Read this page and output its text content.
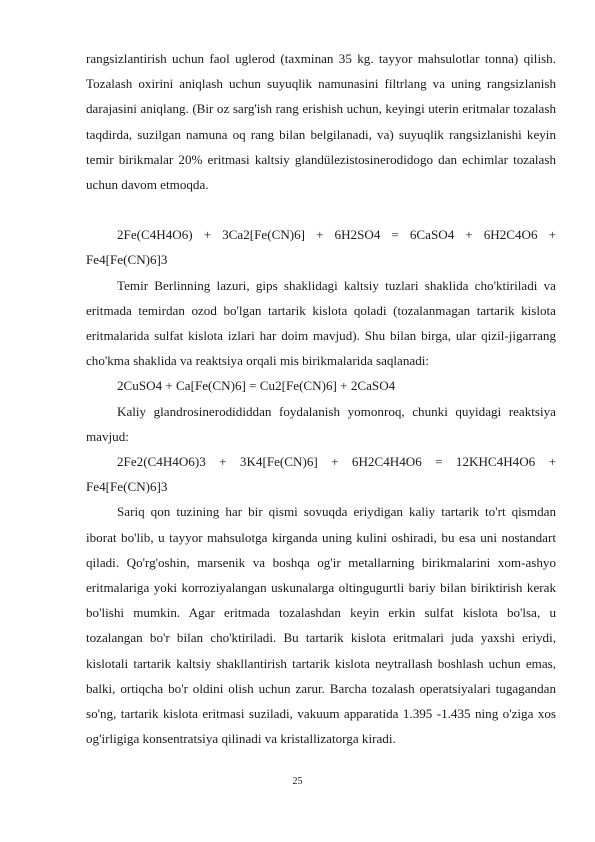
rangsizlantirish uchun faol uglerod (taxminan 35 kg. tayyor mahsulotlar tonna) qilish. Tozalash oxirini aniqlash uchun suyuqlik namunasini filtrlang va uning rangsizlanish darajasini aniqlang. (Bir oz sarg'ish rang erishish uchun, keyingi uterin eritmalar tozalash taqdirda, suzilgan namuna oq rang bilan belgilanadi, va) suyuqlik rangsizlanishi keyin temir birikmalar 20% eritmasi kaltsiy glandülezistosinerodidogo dan echimlar tozalash uchun davom etmoqda.

2Fe(C4H4O6) + 3Ca2[Fe(CN)6] + 6H2SO4 = 6CaSO4 + 6H2C4O6 + Fe4[Fe(CN)6]3

Temir Berlinning lazuri, gips shaklidagi kaltsiy tuzlari shaklida cho'ktiriladi va eritmada temirdan ozod bo'lgan tartarik kislota qoladi (tozalanmagan tartarik kislota eritmalarida sulfat kislota izlari har doim mavjud). Shu bilan birga, ular qizil-jigarrang cho'kma shaklida va reaktsiya orqali mis birikmalarida saqlanadi:

2CuSO4 + Ca[Fe(CN)6] = Cu2[Fe(CN)6] + 2CaSO4

Kaliy glandrosinerodididdan foydalanish yomonroq, chunki quyidagi reaktsiya mavjud:

2Fe2(C4H4O6)3 + 3K4[Fe(CN)6] + 6H2C4H4O6 = 12KHC4H4O6 + Fe4[Fe(CN)6]3

Sariq qon tuzining har bir qismi sovuqda eriydigan kaliy tartarik to'rt qismdan iborat bo'lib, u tayyor mahsulotga kirganda uning kulini oshiradi, bu esa uni nostandart qiladi. Qo'rg'oshin, marsenik va boshqa og'ir metallarning birikmalarini xom-ashyo eritmalariga yoki korroziyalangan uskunalarga oltingugurtli bariy bilan biriktirish kerak bo'lishi mumkin. Agar eritmada tozalashdan keyin erkin sulfat kislota bo'lsa, u tozalangan bo'r bilan cho'ktiriladi. Bu tartarik kislota eritmalari juda yaxshi eriydi, kislotali tartarik kaltsiy shakllantirish tartarik kislota neytrallash boshlash uchun emas, balki, ortiqcha bo'r oldini olish uchun zarur. Barcha tozalash operatsiyalari tugagandan so'ng, tartarik kislota eritmasi suziladi, vakuum apparatida 1.395 -1.435 ning o'ziga xos og'irligiga konsentratsiya qilinadi va kristallizatorga kiradi.

25
